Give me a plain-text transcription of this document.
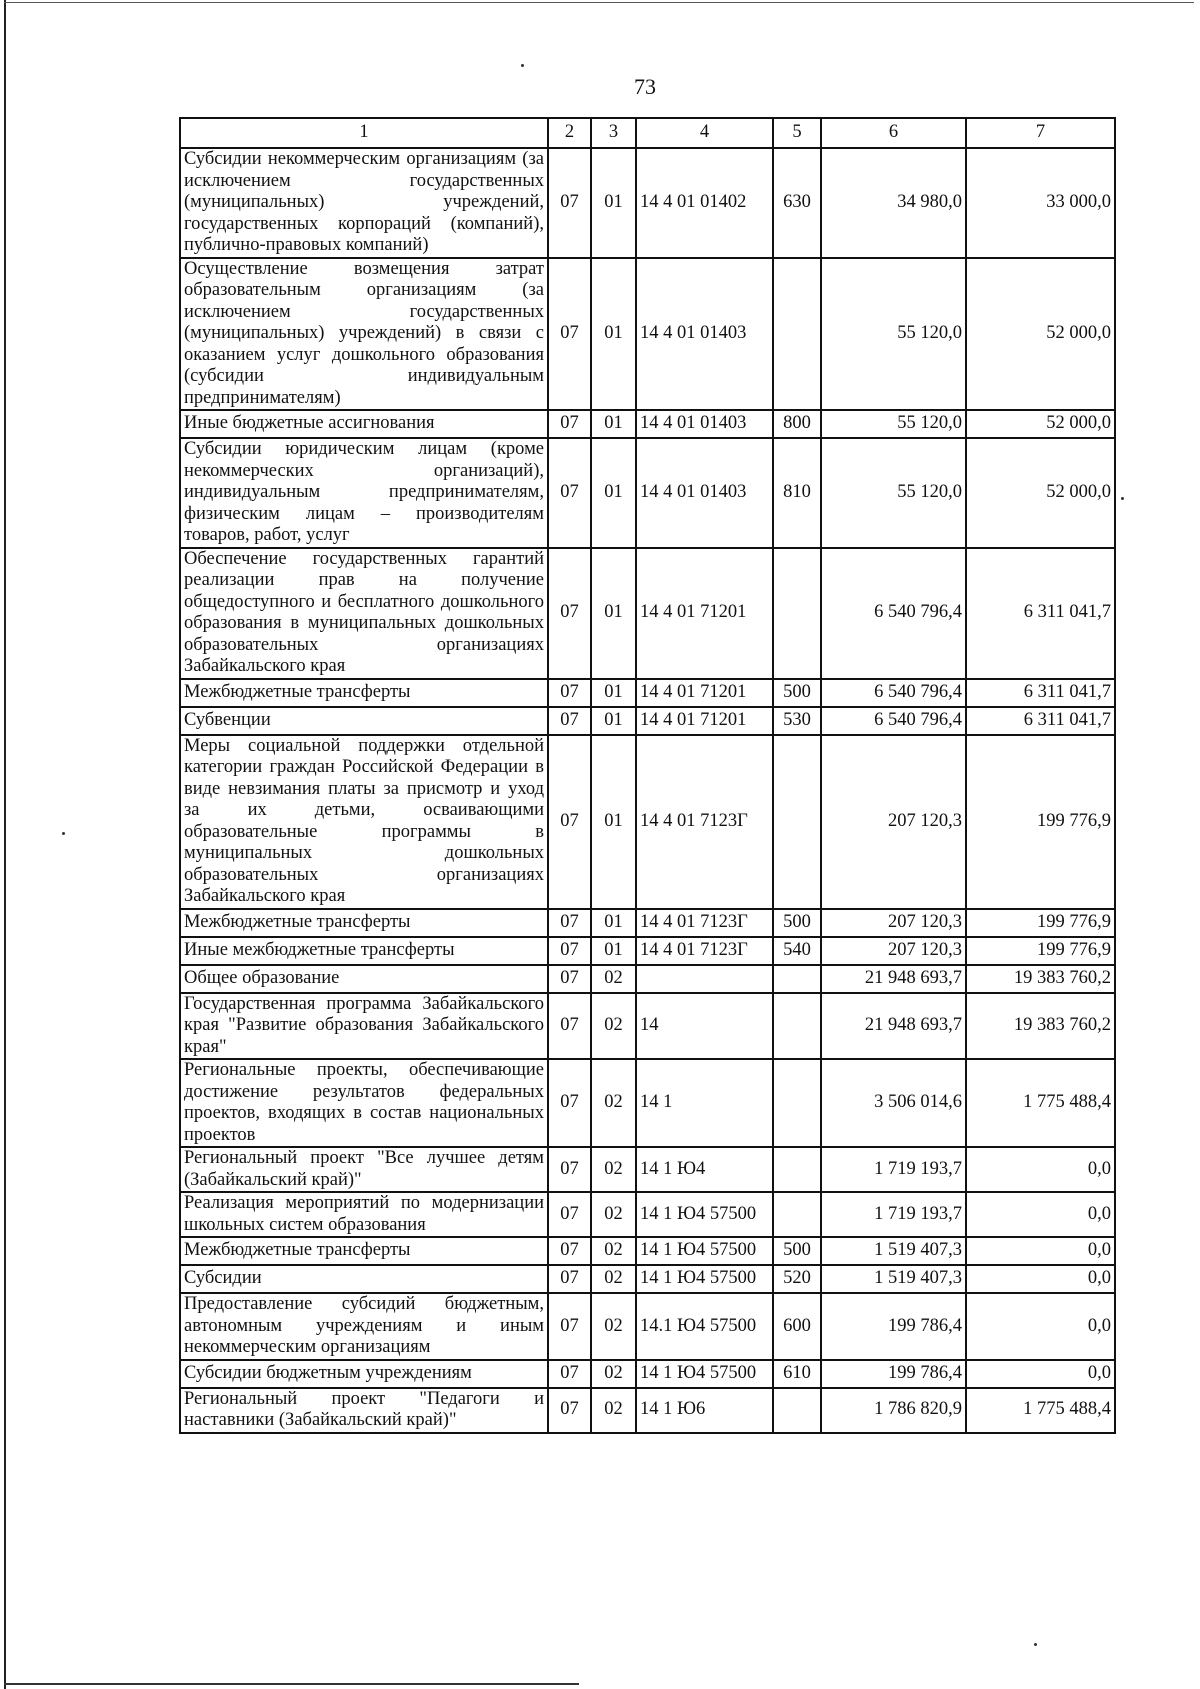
73
1	2	3	4	5	6	7
Субсидии некоммерческим организациям (за исключением государственных (муниципальных) учреждений, государственных корпораций (компаний), публично-правовых компаний)	07	01	14 4 01 01402	630	34 980,0	33 000,0
Осуществление возмещения затрат образовательным организациям (за исключением государственных (муниципальных) учреждений) в связи с оказанием услуг дошкольного образования (субсидии индивидуальным предпринимателям)	07	01	14 4 01 01403		55 120,0	52 000,0
Иные бюджетные ассигнования	07	01	14 4 01 01403	800	55 120,0	52 000,0
Субсидии юридическим лицам (кроме некоммерческих организаций), индивидуальным предпринимателям, физическим лицам – производителям товаров, работ, услуг	07	01	14 4 01 01403	810	55 120,0	52 000,0
Обеспечение государственных гарантий реализации прав на получение общедоступного и бесплатного дошкольного образования в муниципальных дошкольных образовательных организациях Забайкальского края	07	01	14 4 01 71201		6 540 796,4	6 311 041,7
Межбюджетные трансферты	07	01	14 4 01 71201	500	6 540 796,4	6 311 041,7
Субвенции	07	01	14 4 01 71201	530	6 540 796,4	6 311 041,7
Меры социальной поддержки отдельной категории граждан Российской Федерации в виде невзимания платы за присмотр и уход за их детьми, осваивающими образовательные программы в муниципальных дошкольных образовательных организациях Забайкальского края	07	01	14 4 01 7123Г		207 120,3	199 776,9
Межбюджетные трансферты	07	01	14 4 01 7123Г	500	207 120,3	199 776,9
Иные межбюджетные трансферты	07	01	14 4 01 7123Г	540	207 120,3	199 776,9
Общее образование	07	02			21 948 693,7	19 383 760,2
Государственная программа Забайкальского края "Развитие образования Забайкальского края"	07	02	14		21 948 693,7	19 383 760,2
Региональные проекты, обеспечивающие достижение результатов федеральных проектов, входящих в состав национальных проектов	07	02	14 1		3 506 014,6	1 775 488,4
Региональный проект "Все лучшее детям (Забайкальский край)"	07	02	14 1 Ю4		1 719 193,7	0,0
Реализация мероприятий по модернизации школьных систем образования	07	02	14 1 Ю4 57500		1 719 193,7	0,0
Межбюджетные трансферты	07	02	14 1 Ю4 57500	500	1 519 407,3	0,0
Субсидии	07	02	14 1 Ю4 57500	520	1 519 407,3	0,0
Предоставление субсидий бюджетным, автономным учреждениям и иным некоммерческим организациям	07	02	14.1 Ю4 57500	600	199 786,4	0,0
Субсидии бюджетным учреждениям	07	02	14 1 Ю4 57500	610	199 786,4	0,0
Региональный проект "Педагоги и наставники (Забайкальский край)"	07	02	14 1 Ю6		1 786 820,9	1 775 488,4
